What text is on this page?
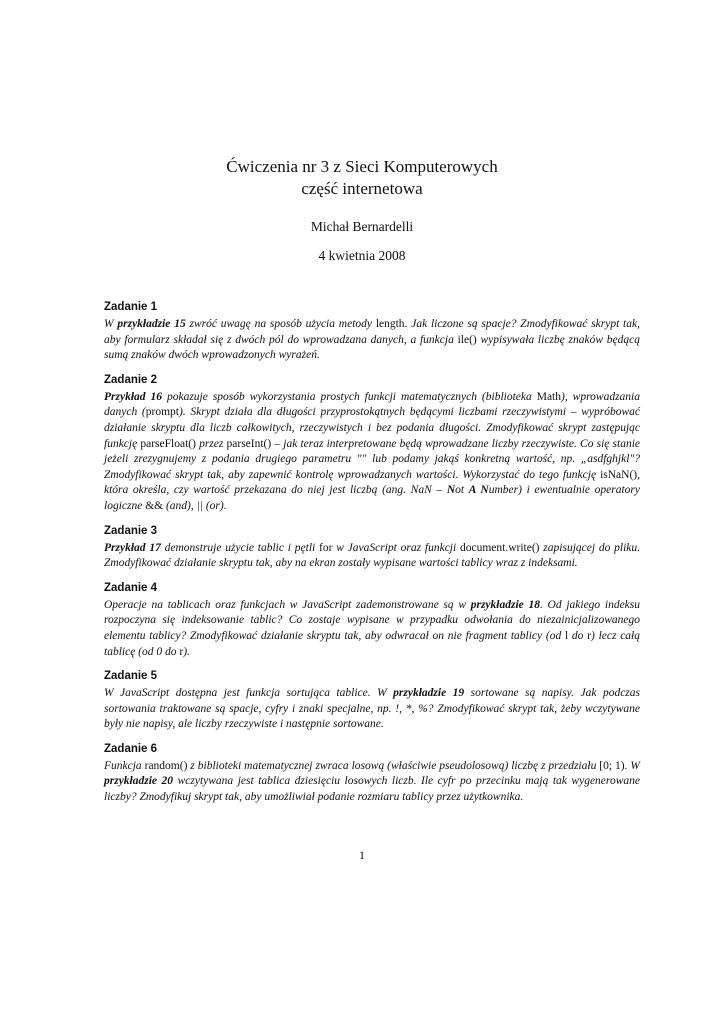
Ćwiczenia nr 3 z Sieci Komputerowych
część internetowa
Michał Bernardelli
4 kwietnia 2008
Zadanie 1
W przykładzie 15 zwróć uwagę na sposób użycia metody length. Jak liczone są spacje? Zmodyfikować skrypt tak, aby formularz składał się z dwóch pól do wprowadzana danych, a funkcja ile() wypisywała liczbę znaków będącą sumą znaków dwóch wprowadzonych wyrażeń.
Zadanie 2
Przykład 16 pokazuje sposób wykorzystania prostych funkcji matematycznych (biblioteka Math), wprowadzania danych (prompt). Skrypt działa dla długości przyprostokątnych będącymi liczbami rzeczywistymi – wypróbować działanie skryptu dla liczb całkowitych, rzeczywistych i bez podania długości. Zmodyfikować skrypt zastępując funkcję parseFloat() przez parseInt() – jak teraz interpretowane będą wprowadzane liczby rzeczywiste. Co się stanie jeżeli zrezygnujemy z podania drugiego parametru "" lub podamy jakąś konkretną wartość, np. „asdfghjkl"? Zmodyfikować skrypt tak, aby zapewnić kontrolę wprowadzanych wartości. Wykorzystać do tego funkcję isNaN(), która określa, czy wartość przekazana do niej jest liczbą (ang. NaN – Not A Number) i ewentualnie operatory logiczne && (and), || (or).
Zadanie 3
Przykład 17 demonstruje użycie tablic i pętli for w JavaScript oraz funkcji document.write() zapisującej do pliku. Zmodyfikować działanie skryptu tak, aby na ekran zostały wypisane wartości tablicy wraz z indeksami.
Zadanie 4
Operacje na tablicach oraz funkcjach w JavaScript zademonstrowane są w przykładzie 18. Od jakiego indeksu rozpoczyna się indeksowanie tablic? Co zostaje wypisane w przypadku odwołania do niezainicjalizowanego elementu tablicy? Zmodyfikować działanie skryptu tak, aby odwracał on nie fragment tablicy (od l do r) lecz całą tablicę (od 0 do r).
Zadanie 5
W JavaScript dostępna jest funkcja sortująca tablice. W przykładzie 19 sortowane są napisy. Jak podczas sortowania traktowane są spacje, cyfry i znaki specjalne, np. !, *, %? Zmodyfikować skrypt tak, żeby wczytywane były nie napisy, ale liczby rzeczywiste i następnie sortowane.
Zadanie 6
Funkcja random() z biblioteki matematycznej zwraca losową (właściwie pseudolosową) liczbę z przedziału [0; 1). W przykładzie 20 wczytywana jest tablica dziesięciu losowych liczb. Ile cyfr po przecinku mają tak wygenerowane liczby? Zmodyfikuj skrypt tak, aby umożliwiał podanie rozmiaru tablicy przez użytkownika.
1
